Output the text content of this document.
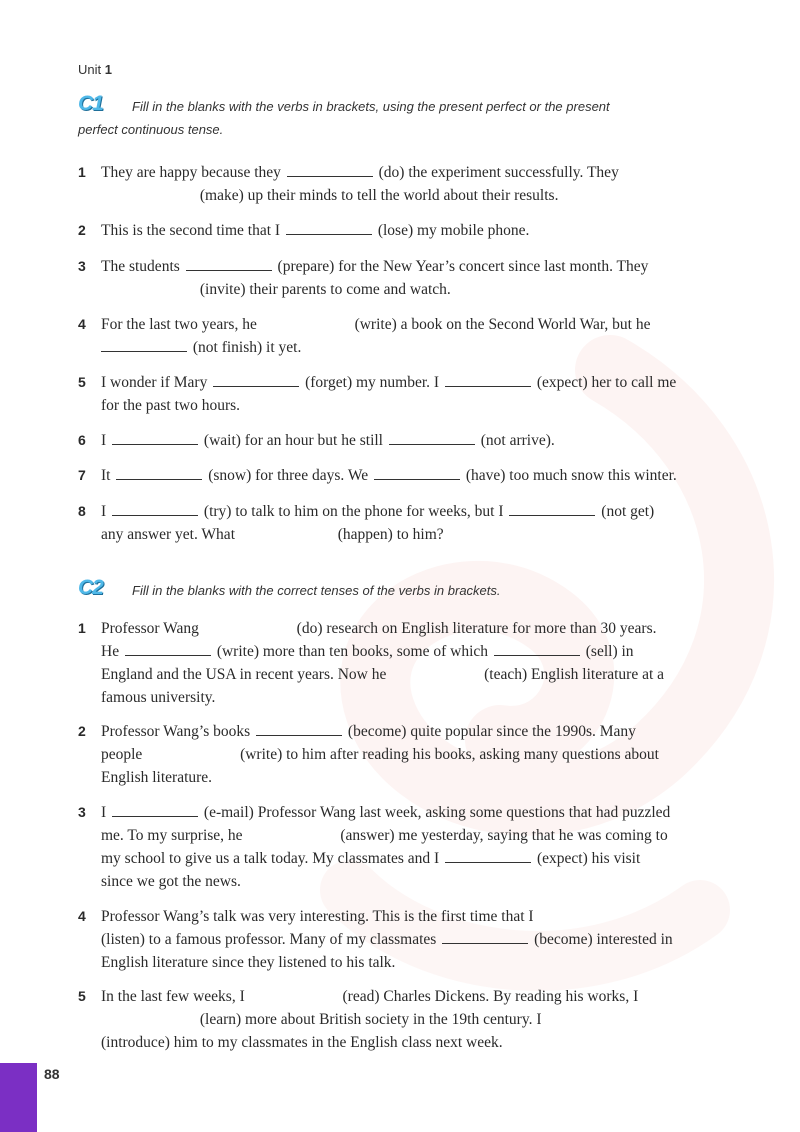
Unit 1
C1	Fill in the blanks with the verbs in brackets, using the present perfect or the present
perfect continuous tense.
1 They are happy because they	(do) the experiment successfully. They
(make) up their minds to tell the world about their results.
2 This is the second time that I	(lose) my mobile phone.
3 The students	(prepare) for the New Year’s concert since last month. They
(invite) their parents to come and watch.
4 For the last two years, he	(write) a book on the Second World War, but he
(not finish) it yet.
5 I wonder if Mary	(forget) my number. I	(expect) her to call me
for the past two hours.
6 I	(wait) for an hour but he still	(not arrive).
7 It	(snow) for three days. We	(have) too much snow this winter.
8 I	(try) to talk to him on the phone for weeks, but I	(not get)
any answer yet. What	(happen) to him?
C2	Fill in the blanks with the correct tenses of the verbs in brackets.
1 Professor Wang	(do) research on English literature for more than 30 years.
He	(write) more than ten books, some of which	(sell) in
England and the USA in recent years. Now he	(teach) English literature at a
famous university.
2 Professor Wang’s books	(become) quite popular since the 1990s. Many
people	(write) to him after reading his books, asking many questions about
English literature.
3 I	(e-mail) Professor Wang last week, asking some questions that had puzzled
me. To my surprise, he	(answer) me yesterday, saying that he was coming to
my school to give us a talk today. My classmates and I	(expect) his visit
since we got the news.
4 Professor Wang’s talk was very interesting. This is the first time that I
(listen) to a famous professor. Many of my classmates	(become) interested in
English literature since they listened to his talk.
5 In the last few weeks, I	(read) Charles Dickens. By reading his works, I
(learn) more about British society in the 19th century. I
(introduce) him to my classmates in the English class next week.
88
